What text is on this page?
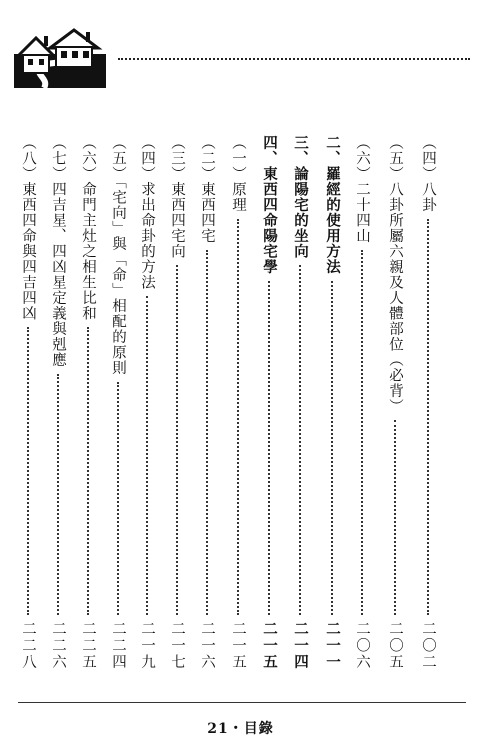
（四）八卦
二〇二
（五）八卦所屬六親及人體部位（必背）
二〇五
（六）二十四山
二〇六
二、羅經的使用方法
二一一
三、論陽宅的坐向
二一四
四、東西四命陽宅學
二一五
（一）原理
二一五
（二）東西四宅
二一六
（三）東西四宅向
二一七
（四）求出命卦的方法
二一九
（五）「宅向」與「命」相配的原則
二二四
（六）命門主灶之相生比和
二二五
（七）四吉星、四凶星定義與剋應
二二六
（八）東西四命與四吉四凶
二二八
21・目錄
